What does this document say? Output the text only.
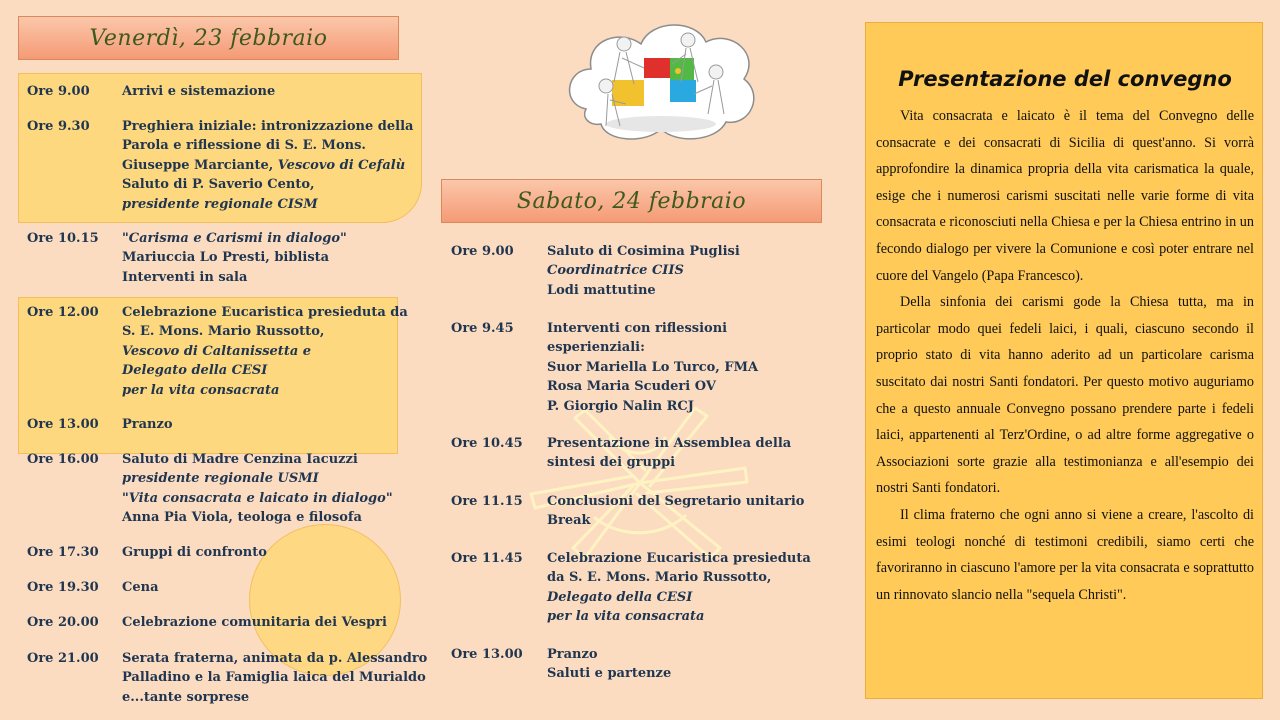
Venerdì, 23 febbraio
Sabato, 24 febbraio
Ore 9.00 Arrivi e sistemazione
Ore 9.30 Preghiera iniziale: intronizzazione della
Parola e riflessione di S. E. Mons.
Giuseppe Marciante, Vescovo di Cefalù
Saluto di P. Saverio Cento,
presidente regionale CISM
Ore 10.15 "Carisma e Carismi in dialogo"
Mariuccia Lo Presti, biblista
Interventi in sala
Ore 12.00 Celebrazione Eucaristica presieduta da
S. E. Mons. Mario Russotto,
Vescovo di Caltanissetta e
Delegato della CESI
per la vita consacrata
Ore 13.00 Pranzo
Ore 16.00 Saluto di Madre Cenzina Iacuzzi
presidente regionale USMI
"Vita consacrata e laicato in dialogo"
Anna Pia Viola, teologa e filosofa
Ore 17.30 Gruppi di confronto
Ore 19.30 Cena
Ore 20.00 Celebrazione comunitaria dei Vespri
Ore 21.00 Serata fraterna, animata da p. Alessandro
Palladino e la Famiglia laica del Murialdo
e...tante sorprese
Ore 9.00	Saluto di Cosimina Puglisi
Coordinatrice CIIS
Lodi mattutine
Ore 9.45	Interventi con riflessioni
esperienziali:
Suor Mariella Lo Turco, FMA
Rosa Maria Scuderi OV
P. Giorgio Nalin RCJ
Ore 10.45 Presentazione in Assemblea della
sintesi dei gruppi
Ore 11.15 Conclusioni del Segretario unitario
Break
Ore 11.45 Celebrazione Eucaristica presieduta
da S. E. Mons. Mario Russotto,
Delegato della CESI
per la vita consacrata
Ore 13.00 Pranzo
Saluti e partenze
Presentazione del convegno

Vita consacrata e laicato è il tema del Convegno delle consacrate e dei consacrati di Sicilia di quest'anno. Si vorrà approfondire la dinamica propria della vita carismatica la quale, esige che i numerosi carismi suscitati nelle varie forme di vita consacrata e riconosciuti nella Chiesa e per la Chiesa entrino in un fecondo dialogo per vivere la Comunione e così poter entrare nel cuore del Vangelo (Papa Francesco).

Della sinfonia dei carismi gode la Chiesa tutta, ma in particolar modo quei fedeli laici, i quali, ciascuno secondo il proprio stato di vita hanno aderito ad un particolare carisma suscitato dai nostri Santi fondatori. Per questo motivo auguriamo che a questo annuale Convegno possano prendere parte i fedeli laici, appartenenti al Terz'Ordine, o ad altre forme aggregative o Associazioni sorte grazie alla testimonianza e all'esempio dei nostri Santi fondatori.

Il clima fraterno che ogni anno si viene a creare, l'ascolto di esimi teologi nonché di testimoni credibili, siamo certi che favoriranno in ciascuno l'amore per la vita consacrata e soprattutto un rinnovato slancio nella "sequela Christi".
